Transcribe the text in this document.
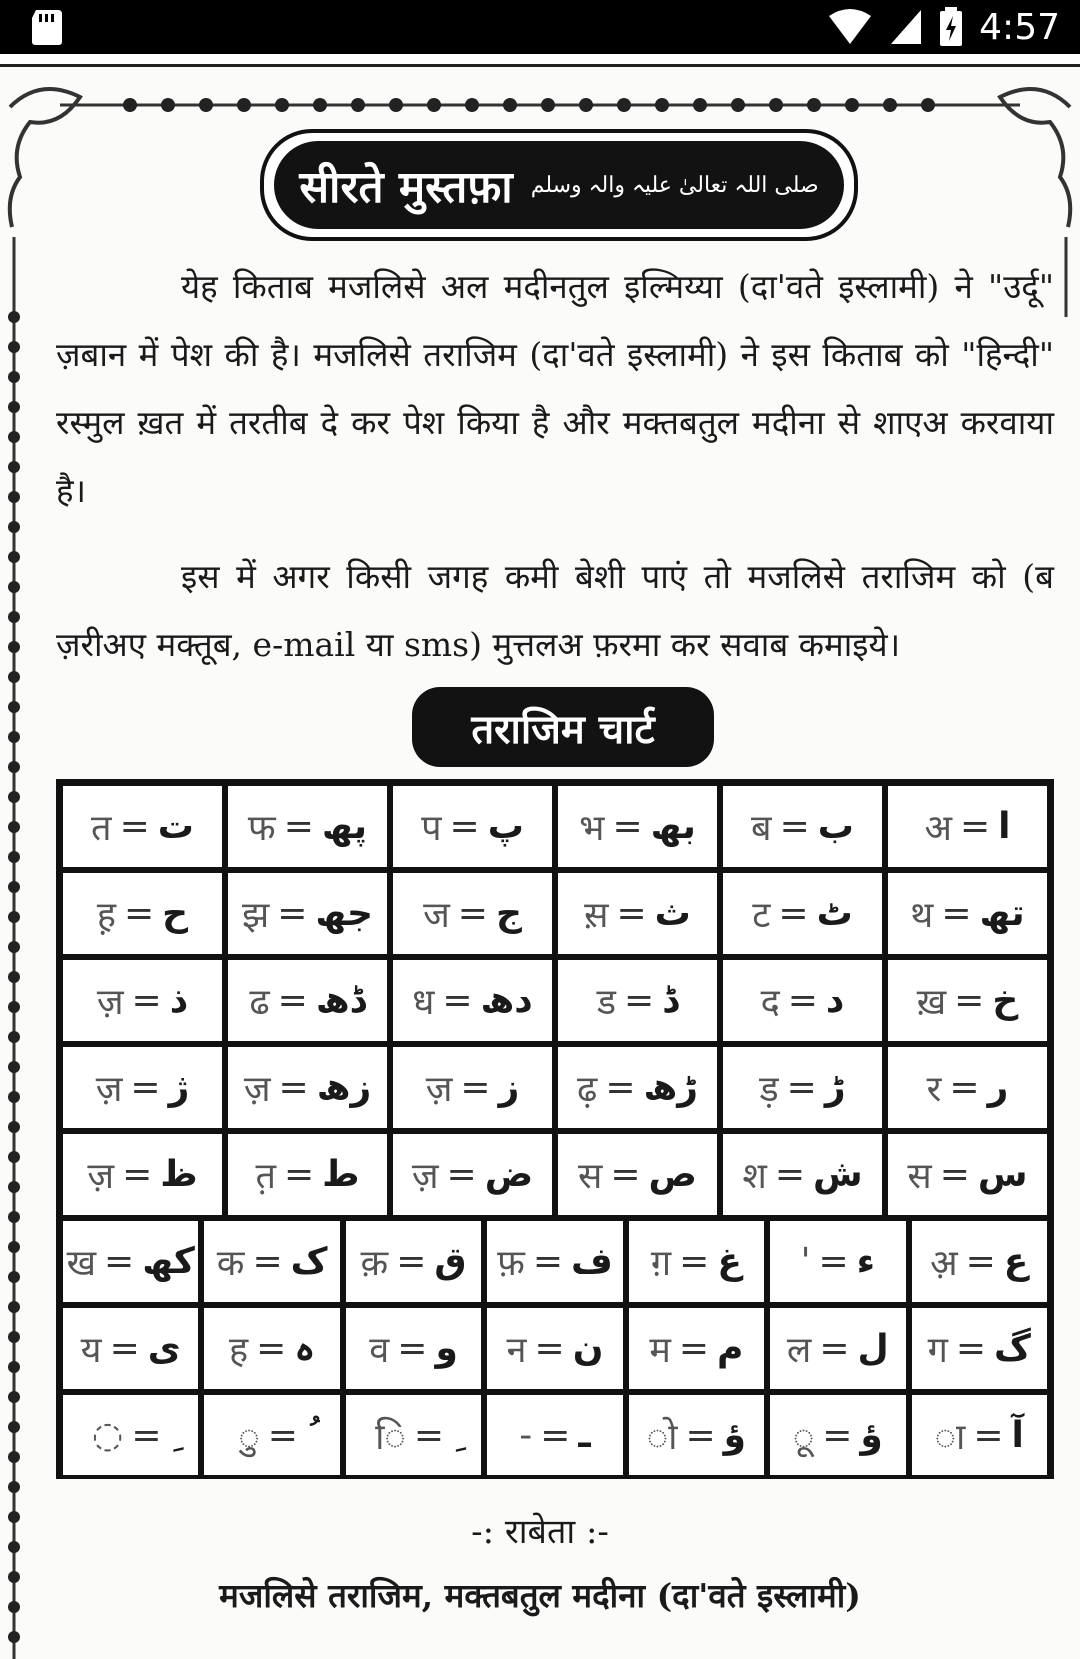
4:57
सीरते मुस्तफ़ा صلی اللہ تعالیٰ علیہ والہ وسلم
येह किताब मजलिसे अल मदीनतुल इल्मिय्या (दा'वते इस्लामी) ने "उर्दू" ज़बान में पेश की है। मजलिसे तराजिम (दा'वते इस्लामी) ने इस किताब को "हिन्दी" रस्मुल ख़त में तरतीब दे कर पेश किया है और मक्तबतुल मदीना से शाएअ करवाया है।
इस में अगर किसी जगह कमी बेशी पाएं तो मजलिसे तराजिम को (ब ज़रीअए मक्तूब, e-mail या sms) मुत्तलअ फ़रमा कर सवाब कमाइये।
तराजिम चार्ट
त = ت फ = پھ प = پ भ = بھ ब = ب अ = ا
ह़ = ح झ = جھ ज = ج स़ = ث ट = ٹ थ = تھ
ज़ = ذ ढ = ڈھ ध = دھ ड = ڈ द = د ख़ = خ
ज़ = ژ ज़ = زھ ज़ = ز ढ़ = ڑھ ड़ = ڑ र = ر
ज़ = ظ त़ = ط ज़ = ض स = ص श = ش स = س
ख = کھ क = ک क़ = ق फ़ = ف ग़ = غ ' = ء अ़ = ع
य = ی ह = ہ व = و न = ن म = م ल = ل ग = گ
◌ = ◌ु = ि = - = ـ ो = ؤ ू = ؤ ा = آ
-: राबेता :-
मजलिसे तराजिम, मक्तबतुल मदीना (दा'वते इस्लामी)
